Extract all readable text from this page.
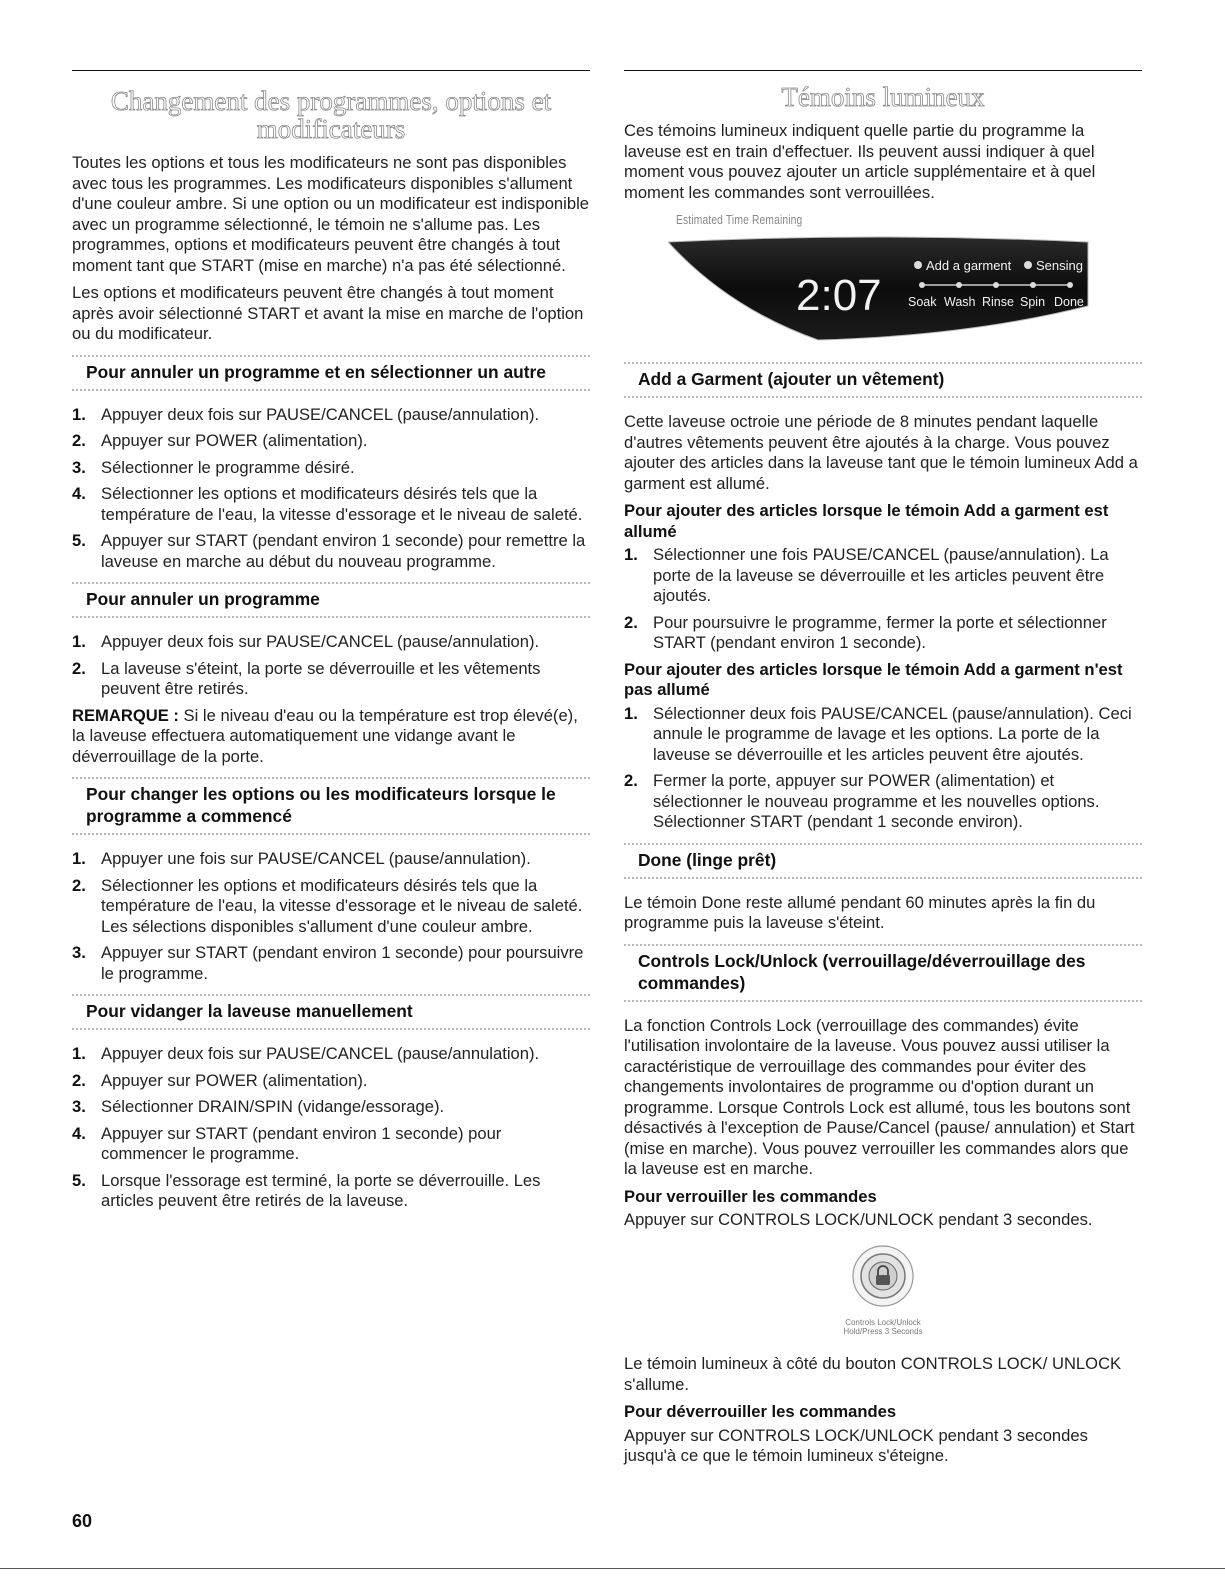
Changement des programmes, options et modificateurs

Toutes les options et tous les modificateurs ne sont pas disponibles avec tous les programmes. Les modificateurs disponibles s'allument d'une couleur ambre. Si une option ou un modificateur est indisponible avec un programme sélectionné, le témoin ne s'allume pas. Les programmes, options et modificateurs peuvent être changés à tout moment tant que START (mise en marche) n'a pas été sélectionné.

Les options et modificateurs peuvent être changés à tout moment après avoir sélectionné START et avant la mise en marche de l'option ou du modificateur.

Pour annuler un programme et en sélectionner un autre
1. Appuyer deux fois sur PAUSE/CANCEL (pause/annulation).
2. Appuyer sur POWER (alimentation).
3. Sélectionner le programme désiré.
4. Sélectionner les options et modificateurs désirés tels que la température de l'eau, la vitesse d'essorage et le niveau de saleté.
5. Appuyer sur START (pendant environ 1 seconde) pour remettre la laveuse en marche au début du nouveau programme.
Pour annuler un programme
1. Appuyer deux fois sur PAUSE/CANCEL (pause/annulation).
2. La laveuse s'éteint, la porte se déverrouille et les vêtements peuvent être retirés.

REMARQUE : Si le niveau d'eau ou la température est trop élevé(e), la laveuse effectuera automatiquement une vidange avant le déverrouillage de la porte.

Pour changer les options ou les modificateurs lorsque le programme a commencé
1. Appuyer une fois sur PAUSE/CANCEL (pause/annulation).
2. Sélectionner les options et modificateurs désirés tels que la température de l'eau, la vitesse d'essorage et le niveau de saleté. Les sélections disponibles s'allument d'une couleur ambre.
3. Appuyer sur START (pendant environ 1 seconde) pour poursuivre le programme.
Pour vidanger la laveuse manuellement
1. Appuyer deux fois sur PAUSE/CANCEL (pause/annulation).
2. Appuyer sur POWER (alimentation).
3. Sélectionner DRAIN/SPIN (vidange/essorage).
4. Appuyer sur START (pendant environ 1 seconde) pour commencer le programme.
5. Lorsque l'essorage est terminé, la porte se déverrouille. Les articles peuvent être retirés de la laveuse.
Témoins lumineux

Ces témoins lumineux indiquent quelle partie du programme la laveuse est en train d'effectuer. Ils peuvent aussi indiquer à quel moment vous pouvez ajouter un article supplémentaire et à quel moment les commandes sont verrouillées.

Estimated Time Remaining
2:07
Add a garment Sensing
Soak Wash Rinse Spin Done
Add a Garment (ajouter un vêtement)

Cette laveuse octroie une période de 8 minutes pendant laquelle d'autres vêtements peuvent être ajoutés à la charge. Vous pouvez ajouter des articles dans la laveuse tant que le témoin lumineux Add a garment est allumé.

Pour ajouter des articles lorsque le témoin Add a garment est allumé
1. Sélectionner une fois PAUSE/CANCEL (pause/annulation). La porte de la laveuse se déverrouille et les articles peuvent être ajoutés.
2. Pour poursuivre le programme, fermer la porte et sélectionner START (pendant environ 1 seconde).
Pour ajouter des articles lorsque le témoin Add a garment n'est pas allumé
1. Sélectionner deux fois PAUSE/CANCEL (pause/annulation). Ceci annule le programme de lavage et les options. La porte de la laveuse se déverrouille et les articles peuvent être ajoutés.
2. Fermer la porte, appuyer sur POWER (alimentation) et sélectionner le nouveau programme et les nouvelles options. Sélectionner START (pendant 1 seconde environ).
Done (linge prêt)

Le témoin Done reste allumé pendant 60 minutes après la fin du programme puis la laveuse s'éteint.

Controls Lock/Unlock (verrouillage/déverrouillage des commandes)

La fonction Controls Lock (verrouillage des commandes) évite l'utilisation involontaire de la laveuse. Vous pouvez aussi utiliser la caractéristique de verrouillage des commandes pour éviter des changements involontaires de programme ou d'option durant un programme. Lorsque Controls Lock est allumé, tous les boutons sont désactivés à l'exception de Pause/Cancel (pause/ annulation) et Start (mise en marche). Vous pouvez verrouiller les commandes alors que la laveuse est en marche.

Pour verrouiller les commandes

Appuyer sur CONTROLS LOCK/UNLOCK pendant 3 secondes.

Controls Lock/Unlock
Hold/Press 3 Seconds

Le témoin lumineux à côté du bouton CONTROLS LOCK/ UNLOCK s'allume.

Pour déverrouiller les commandes

Appuyer sur CONTROLS LOCK/UNLOCK pendant 3 secondes jusqu'à ce que le témoin lumineux s'éteigne.

60
